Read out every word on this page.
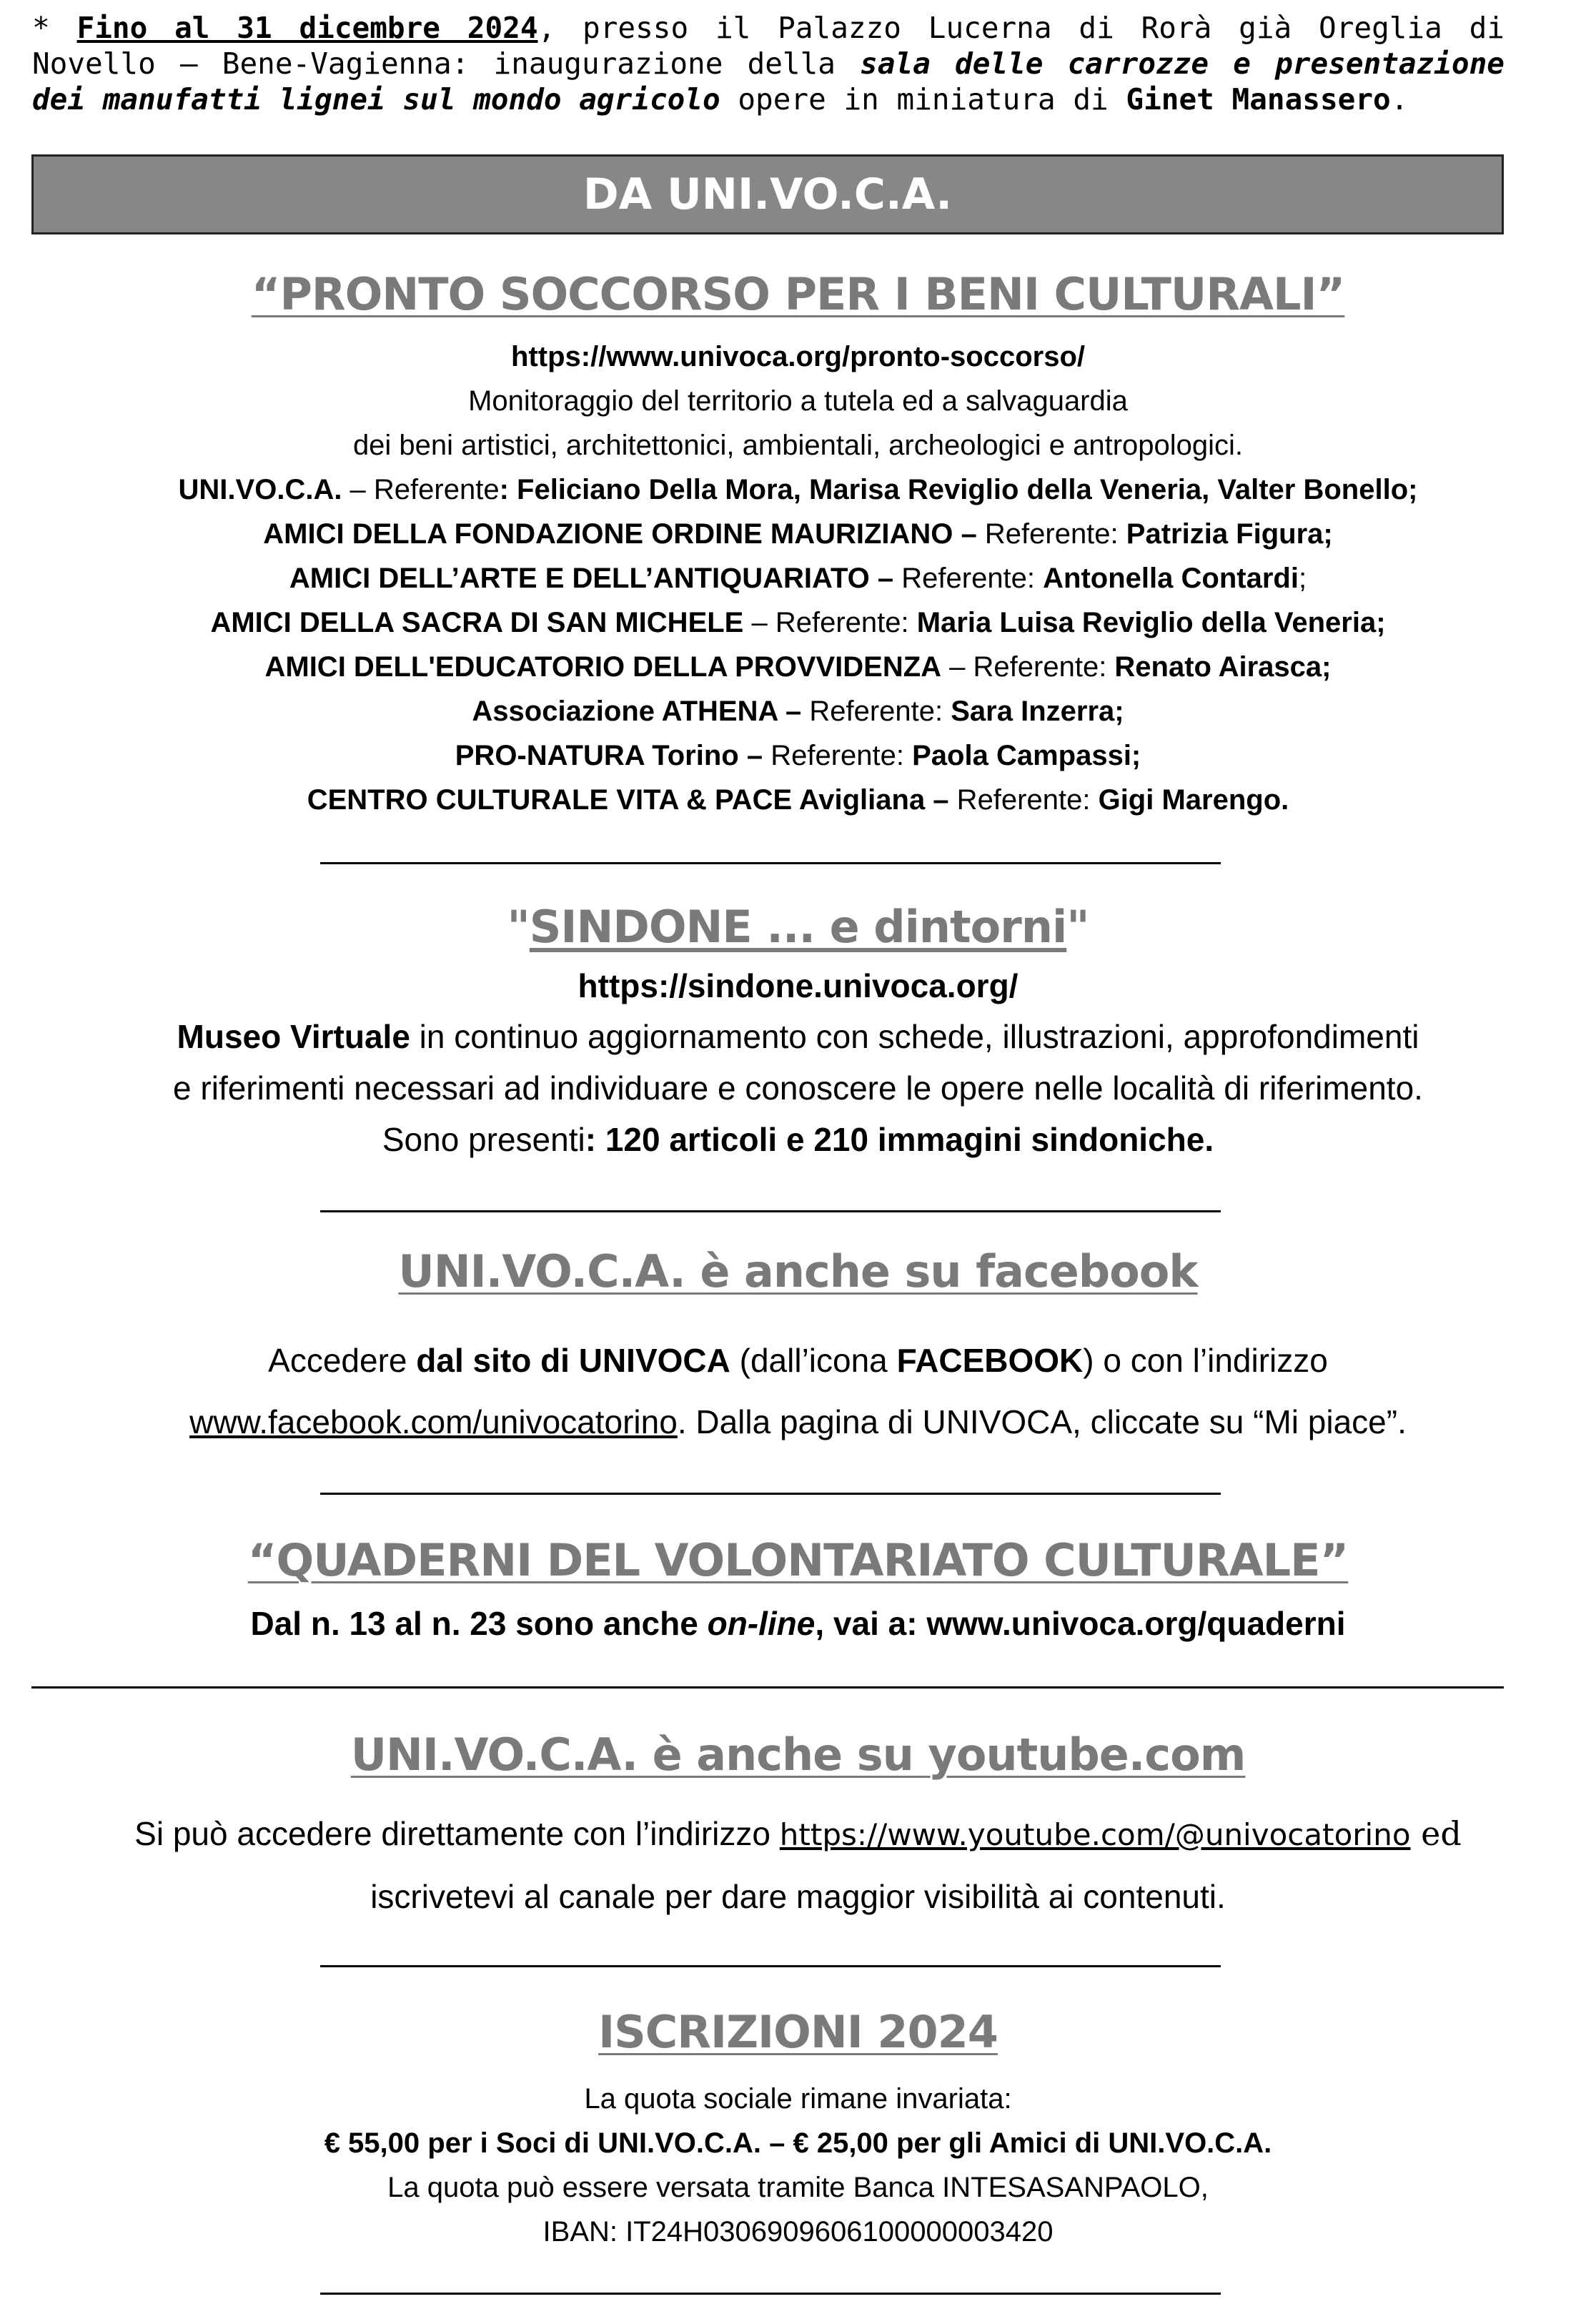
* Fino al 31 dicembre 2024, presso il Palazzo Lucerna di Rorà già Oreglia di Novello – Bene-Vagienna: inaugurazione della sala delle carrozze e presentazione dei manufatti lignei sul mondo agricolo opere in miniatura di Ginet Manassero.
DA UNI.VO.C.A.
“PRONTO SOCCORSO PER I BENI CULTURALI”
https://www.univoca.org/pronto-soccorso/
Monitoraggio del territorio a tutela ed a salvaguardia
dei beni artistici, architettonici, ambientali, archeologici e antropologici.
UNI.VO.C.A. – Referente: Feliciano Della Mora, Marisa Reviglio della Veneria, Valter Bonello;
AMICI DELLA FONDAZIONE ORDINE MAURIZIANO – Referente: Patrizia Figura;
AMICI DELL’ARTE E DELL’ANTIQUARIATO – Referente: Antonella Contardi;
AMICI DELLA SACRA DI SAN MICHELE – Referente: Maria Luisa Reviglio della Veneria;
AMICI DELL'EDUCATORIO DELLA PROVVIDENZA – Referente: Renato Airasca;
Associazione ATHENA – Referente: Sara Inzerra;
PRO-NATURA Torino – Referente: Paola Campassi;
CENTRO CULTURALE VITA & PACE Avigliana – Referente: Gigi Marengo.
"SINDONE ... e dintorni"
https://sindone.univoca.org/
Museo Virtuale in continuo aggiornamento con schede, illustrazioni, approfondimenti
e riferimenti necessari ad individuare e conoscere le opere nelle località di riferimento.
Sono presenti: 120 articoli e 210 immagini sindoniche.
UNI.VO.C.A. è anche su facebook
Accedere dal sito di UNIVOCA (dall’icona FACEBOOK) o con l’indirizzo
www.facebook.com/univocatorino. Dalla pagina di UNIVOCA, cliccate su “Mi piace”.
“QUADERNI DEL VOLONTARIATO CULTURALE”
Dal n. 13 al n. 23 sono anche on-line, vai a: www.univoca.org/quaderni
UNI.VO.C.A. è anche su youtube.com
Si può accedere direttamente con l’indirizzo https://www.youtube.com/@univocatorino ed
iscrivetevi al canale per dare maggior visibilità ai contenuti.
ISCRIZIONI 2024
La quota sociale rimane invariata:
€ 55,00 per i Soci di UNI.VO.C.A. – € 25,00 per gli Amici di UNI.VO.C.A.
La quota può essere versata tramite Banca INTESASANPAOLO,
IBAN: IT24H0306909606100000003420
